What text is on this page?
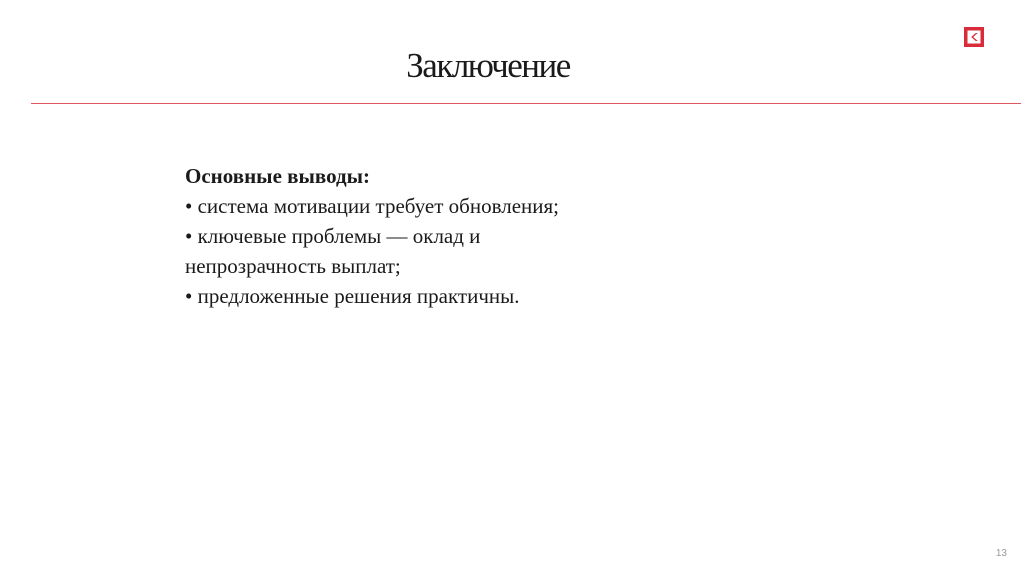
Заключение
Основные выводы:
• система мотивации требует обновления;
• ключевые проблемы — оклад и
непрозрачность выплат;
• предложенные решения практичны.
13
